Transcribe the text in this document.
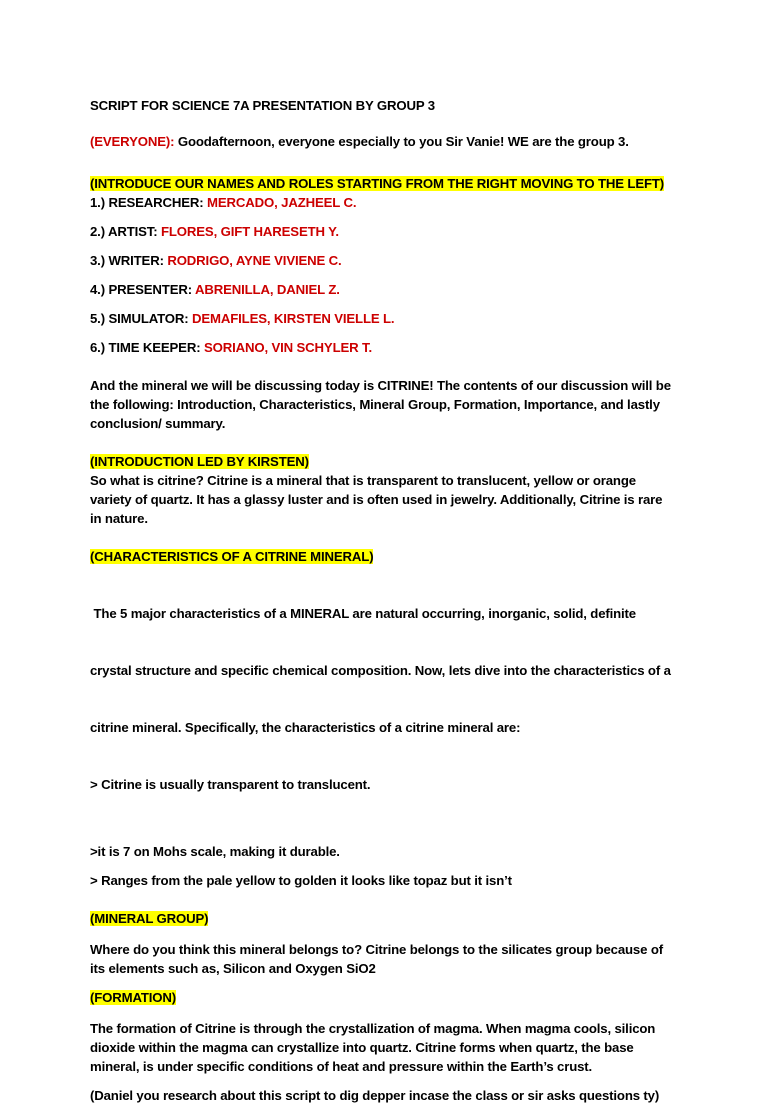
SCRIPT FOR SCIENCE 7A PRESENTATION BY GROUP 3

(EVERYONE): Goodafternoon, everyone especially to you Sir Vanie! WE are the group 3.

(INTRODUCE OUR NAMES AND ROLES STARTING FROM THE RIGHT MOVING TO THE LEFT)

1.) RESEARCHER: MERCADO, JAZHEEL C.

2.) ARTIST: FLORES, GIFT HARESETH Y.

3.) WRITER: RODRIGO, AYNE VIVIENE C.

4.) PRESENTER: ABRENILLA, DANIEL Z.

5.) SIMULATOR: DEMAFILES, KIRSTEN VIELLE L.

6.) TIME KEEPER: SORIANO, VIN SCHYLER T.

And the mineral we will be discussing today is CITRINE! The contents of our discussion will be

the following: Introduction, Characteristics, Mineral Group, Formation, Importance, and lastly

conclusion/ summary.

(INTRODUCTION LED BY KIRSTEN)

So what is citrine? Citrine is a mineral that is transparent to translucent, yellow or orange

variety of quartz. It has a glassy luster and is often used in jewelry. Additionally, Citrine is rare

in nature.

(CHARACTERISTICS OF A CITRINE MINERAL)

The 5 major characteristics of a MINERAL are natural occurring, inorganic, solid, definite

crystal structure and specific chemical composition. Now, lets dive into the characteristics of a

citrine mineral. Specifically, the characteristics of a citrine mineral are:

> Citrine is usually transparent to translucent.

>it is 7 on Mohs scale, making it durable.

> Ranges from the pale yellow to golden it looks like topaz but it isn’t

(MINERAL GROUP)

Where do you think this mineral belongs to? Citrine belongs to the silicates group because of

its elements such as, Silicon and Oxygen SiO2

(FORMATION)

The formation of Citrine is through the crystallization of magma. When magma cools, silicon

dioxide within the magma can crystallize into quartz. Citrine forms when quartz, the base

mineral, is under specific conditions of heat and pressure within the Earth’s crust.

(Daniel you research about this script to dig depper incase the class or sir asks questions ty)
